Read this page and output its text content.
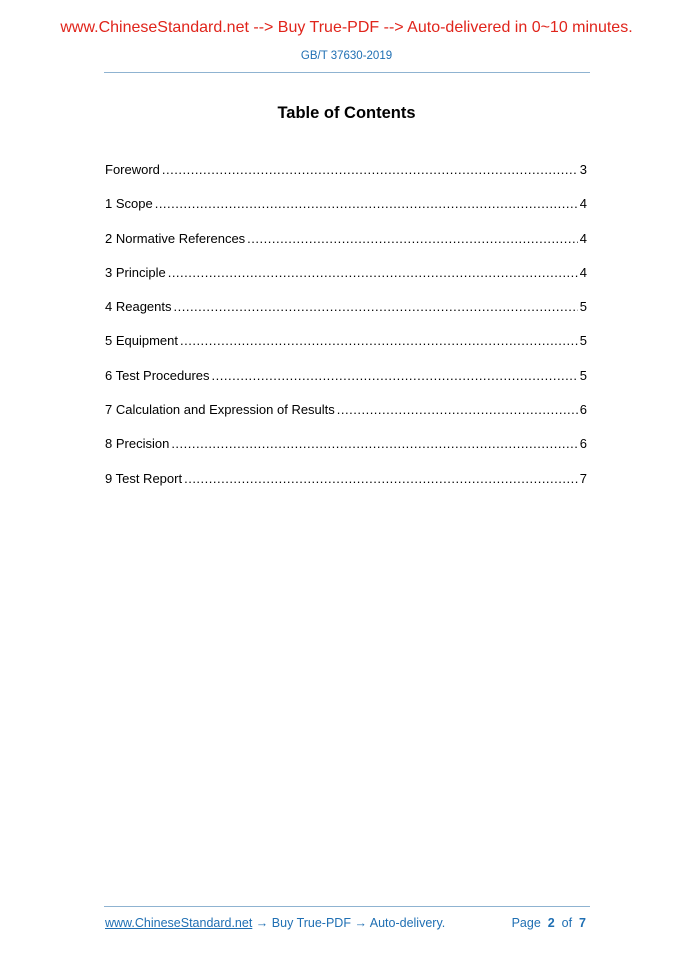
www.ChineseStandard.net --> Buy True-PDF --> Auto-delivered in 0~10 minutes.
GB/T 37630-2019
Table of Contents
Foreword .....	3
1 Scope .....	4
2 Normative References .....	4
3 Principle .....	4
4 Reagents .....	5
5 Equipment .....	5
6 Test Procedures .....	5
7 Calculation and Expression of Results .....	6
8 Precision .....	6
9 Test Report .....	7
www.ChineseStandard.net → Buy True-PDF → Auto-delivery.	Page 2 of 7
